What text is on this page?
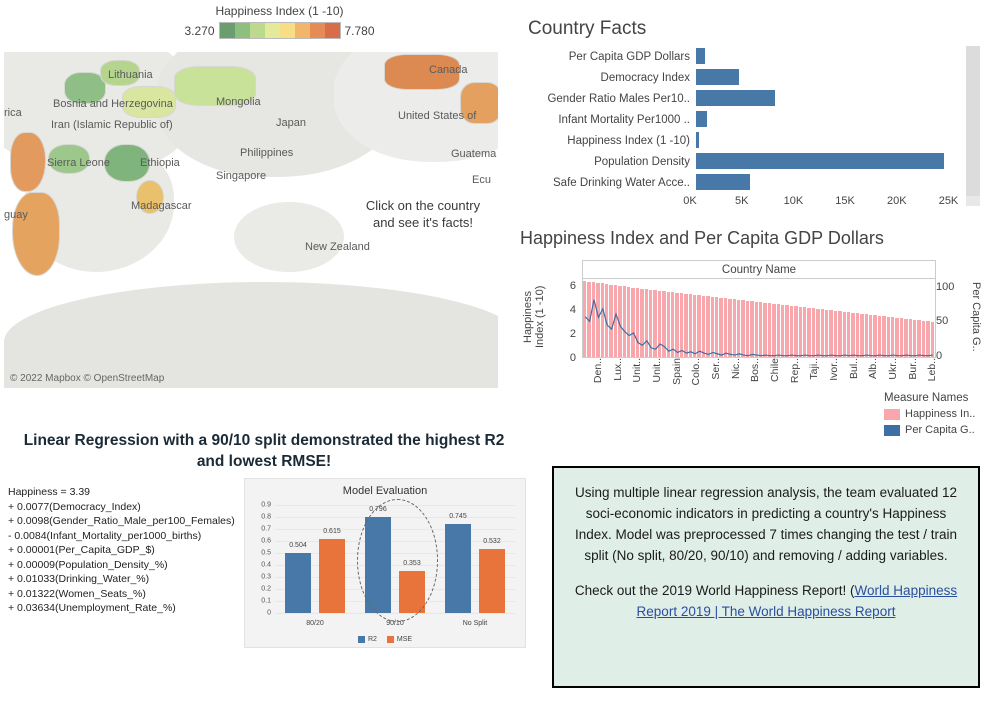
Happiness Index (1 -10)
3.270	7.780
Lithuania	Canada
Bosnia and Herzegovina	Mongolia
rica	United States of
Iran (Islamic Republic of)	Japan
Philippines
Sierra Leone	Ethiopia
Guatema
Singapore	Ecu
Madagascar
guay
New Zealand
Click on the country and see it's facts!
© 2022 Mapbox © OpenStreetMap
Country Facts
Per Capita GDP Dollars
Democracy Index
Gender Ratio Males Per10..
Infant Mortality Per1000 ..
Happiness Index (1 -10)
Population Density
Safe Drinking Water Acce..
0K	5K	10K	15K	20K	25K
Happiness Index and Per Capita GDP Dollars
Country Name
Happiness Index (1 -10) 6
4
2
0
100
50
0
Per Capita G..
Den.. Lux.. Unit.. Unit.. Spain Colo.. Ser.. Nic.. Bos.. Chile Rep.. Taji.. Ivor.. Bul.. Alb.. Ukr.. Bur.. Leb..
Measure Names
Happiness In..
Per Capita G..
Linear Regression with a 90/10 split demonstrated the highest R2 and lowest RMSE!
Happiness = 3.39
+ 0.0077(Democracy_Index)
+ 0.0098(Gender_Ratio_Male_per100_Females)
- 0.0084(Infant_Mortality_per1000_births)
+ 0.00001(Per_Capita_GDP_$)
+ 0.00009(Population_Density_%)
+ 0.01033(Drinking_Water_%)
+ 0.01322(Women_Seats_%)
+ 0.03634(Unemployment_Rate_%)
Model Evaluation
0.9
0.8
0.7
0.6
0.5
0.4
0.3
0.2
0.1
0
0.504
0.615
80/20
0.796
0.353
90/10
0.745
0.532
No Split
R2	MSE
Using multiple linear regression analysis, the team evaluated 12 soci-economic indicators in predicting a country's Happiness Index. Model was preprocessed 7 times changing the test / train split (No split, 80/20, 90/10) and removing / adding variables.
Check out the 2019 World Happiness Report! (World Happiness Report 2019 | The World Happiness Report
